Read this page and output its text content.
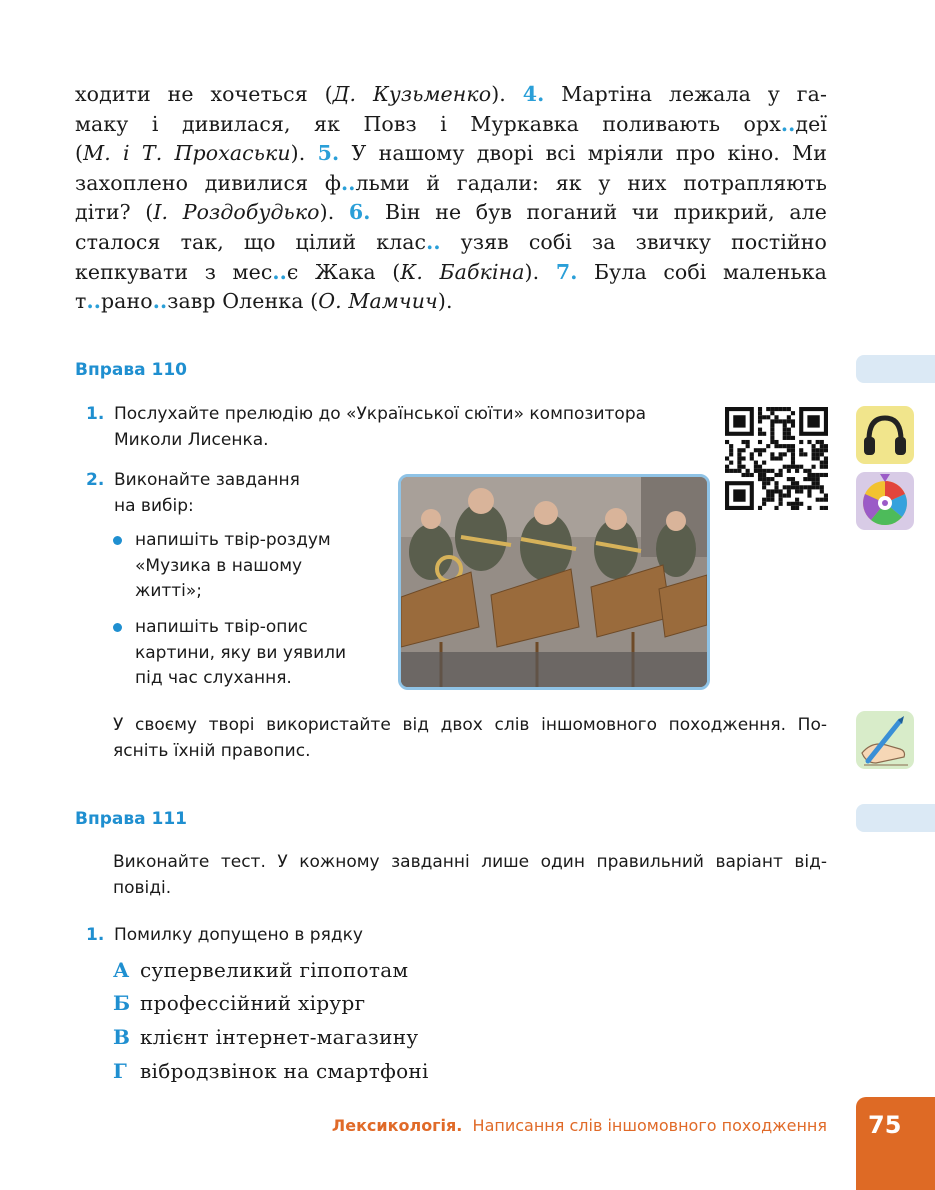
ходити не хочеться (Д. Кузьменко). 4. Мартіна лежала у га-
маку і дивилася, як Повз і Муркавка поливають орх..деї
(М. і Т. Прохаськи). 5. У нашому дворі всі мріяли про кіно. Ми
захоплено дивилися ф..льми й гадали: як у них потрапляють
діти? (І. Роздобудько). 6. Він не був поганий чи прикрий, але
сталося так, що цілий клас.. узяв собі за звичку постійно
кепкувати з мес..є Жака (К. Бабкіна). 7. Була собі маленька
т..рано..завр Оленка (О. Мамчич).
Вправа 110
1. Послухайте прелюдію до «Української сюїти» композитора
Миколи Лисенка.
2. Виконайте завдання
на вибір:
напишіть твір-роздум
«Музика в нашому
житті»;
напишіть твір-опис
картини, яку ви уявили
під час слухання.
У своєму творі використайте від двох слів іншомовного походження. По-
ясніть їхній правопис.
Вправа 111
Виконайте тест. У кожному завданні лише один правильний варіант від-
повіді.
1. Помилку допущено в рядку
А супервеликий гіпопотам
Б профессійний хірург
В клієнт інтернет-магазину
Г вібродзвінок на смартфоні
Лексикологія. Написання слів іншомовного походження 75
